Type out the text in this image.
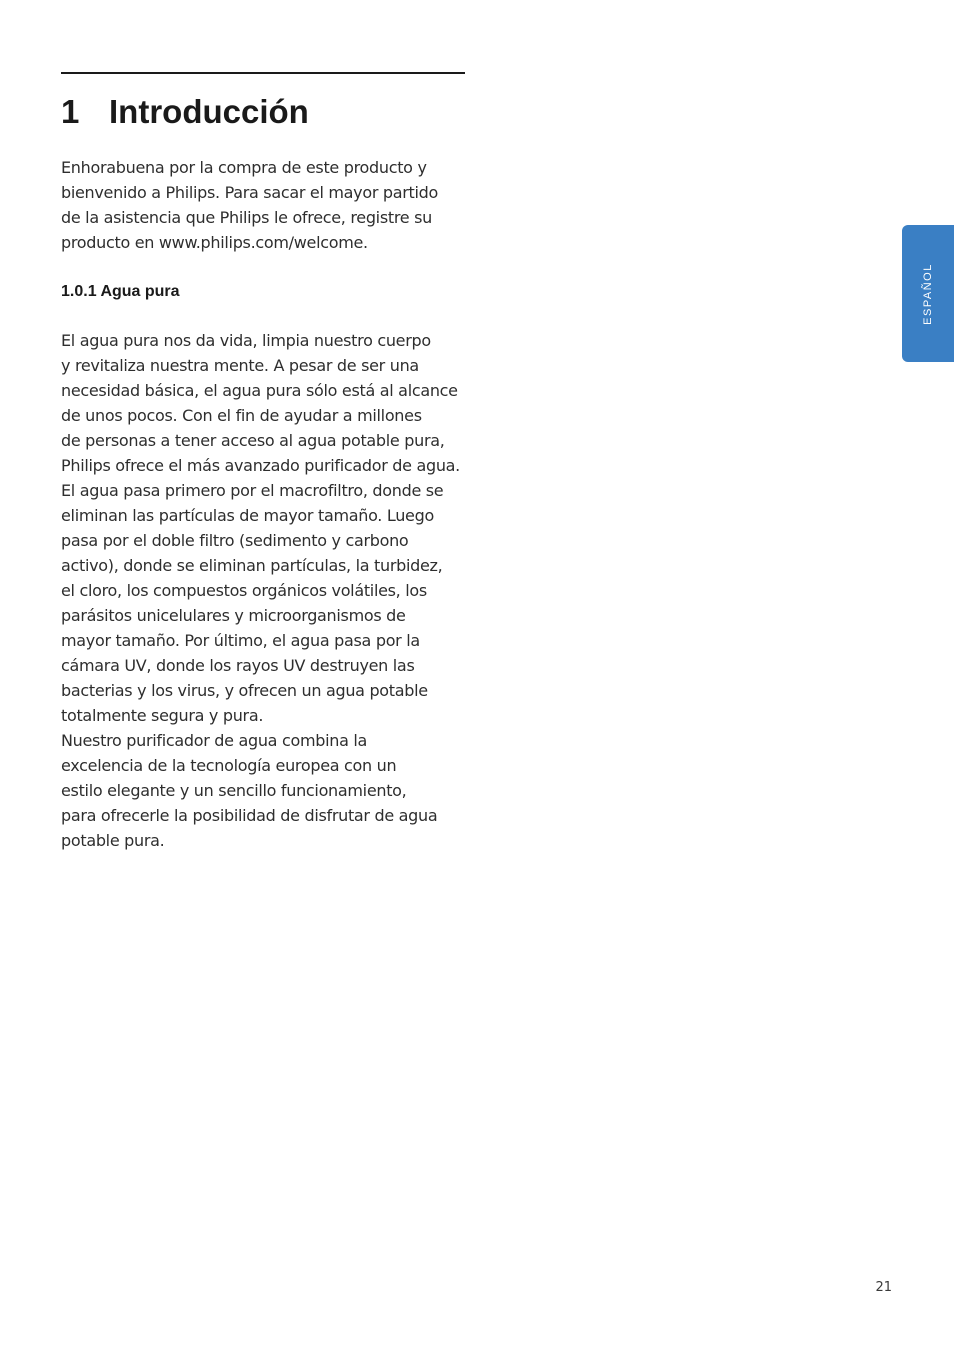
1 Introducción

Enhorabuena por la compra de este producto y
bienvenido a Philips. Para sacar el mayor partido
de la asistencia que Philips le ofrece, registre su
producto en www.philips.com/welcome.

1.0.1 Agua pura

El agua pura nos da vida, limpia nuestro cuerpo
y revitaliza nuestra mente. A pesar de ser una
necesidad básica, el agua pura sólo está al alcance
de unos pocos. Con el fin de ayudar a millones
de personas a tener acceso al agua potable pura,
Philips ofrece el más avanzado purificador de agua.
El agua pasa primero por el macrofiltro, donde se
eliminan las partículas de mayor tamaño. Luego
pasa por el doble filtro (sedimento y carbono
activo), donde se eliminan partículas, la turbidez,
el cloro, los compuestos orgánicos volátiles, los
parásitos unicelulares y microorganismos de
mayor tamaño. Por último, el agua pasa por la
cámara UV, donde los rayos UV destruyen las
bacterias y los virus, y ofrecen un agua potable
totalmente segura y pura.
Nuestro purificador de agua combina la
excelencia de la tecnología europea con un
estilo elegante y un sencillo funcionamiento,
para ofrecerle la posibilidad de disfrutar de agua
potable pura.

ESPAÑOL
21
